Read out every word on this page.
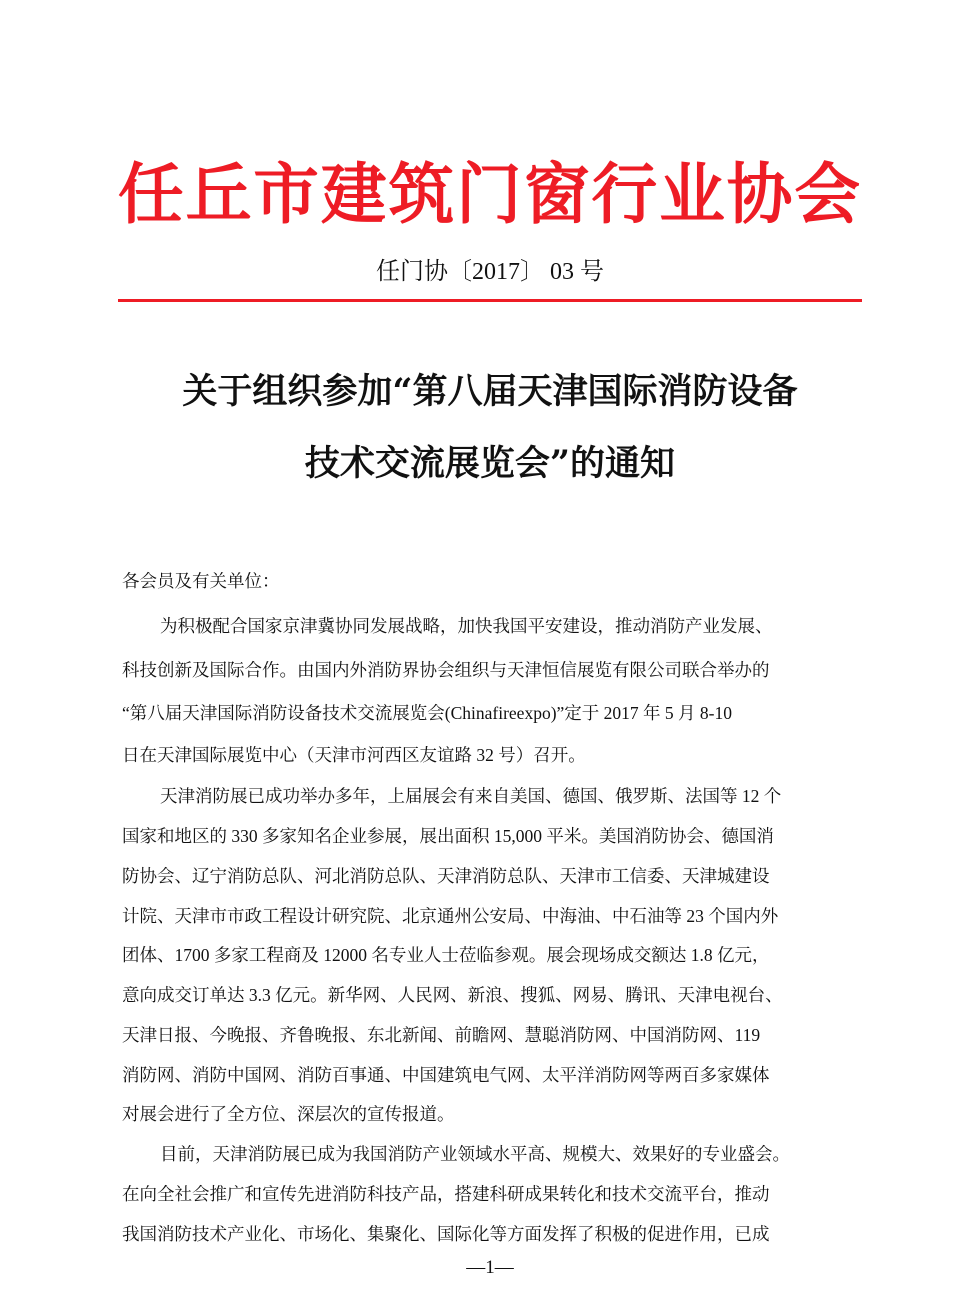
任丘市建筑门窗行业协会
任门协〔2017〕 03 号
关于组织参加“第八届天津国际消防设备
技术交流展览会”的通知
各会员及有关单位：
为积极配合国家京津冀协同发展战略，加快我国平安建设，推动消防产业发展、
科技创新及国际合作。由国内外消防界协会组织与天津恒信展览有限公司联合举办的
“第八届天津国际消防设备技术交流展览会(Chinafireexpo)”定于 2017 年 5 月 8-10
日在天津国际展览中心（天津市河西区友谊路 32 号）召开。
天津消防展已成功举办多年，上届展会有来自美国、德国、俄罗斯、法国等 12 个
国家和地区的 330 多家知名企业参展，展出面积 15,000 平米。美国消防协会、德国消
防协会、辽宁消防总队、河北消防总队、天津消防总队、天津市工信委、天津城建设
计院、天津市市政工程设计研究院、北京通州公安局、中海油、中石油等 23 个国内外
团体、1700 多家工程商及 12000 名专业人士莅临参观。展会现场成交额达 1.8 亿元，
意向成交订单达 3.3 亿元。新华网、人民网、新浪、搜狐、网易、腾讯、天津电视台、
天津日报、今晚报、齐鲁晚报、东北新闻、前瞻网、慧聪消防网、中国消防网、119
消防网、消防中国网、消防百事通、中国建筑电气网、太平洋消防网等两百多家媒体
对展会进行了全方位、深层次的宣传报道。
目前，天津消防展已成为我国消防产业领域水平高、规模大、效果好的专业盛会。
在向全社会推广和宣传先进消防科技产品，搭建科研成果转化和技术交流平台，推动
我国消防技术产业化、市场化、集聚化、国际化等方面发挥了积极的促进作用，已成
—1—
